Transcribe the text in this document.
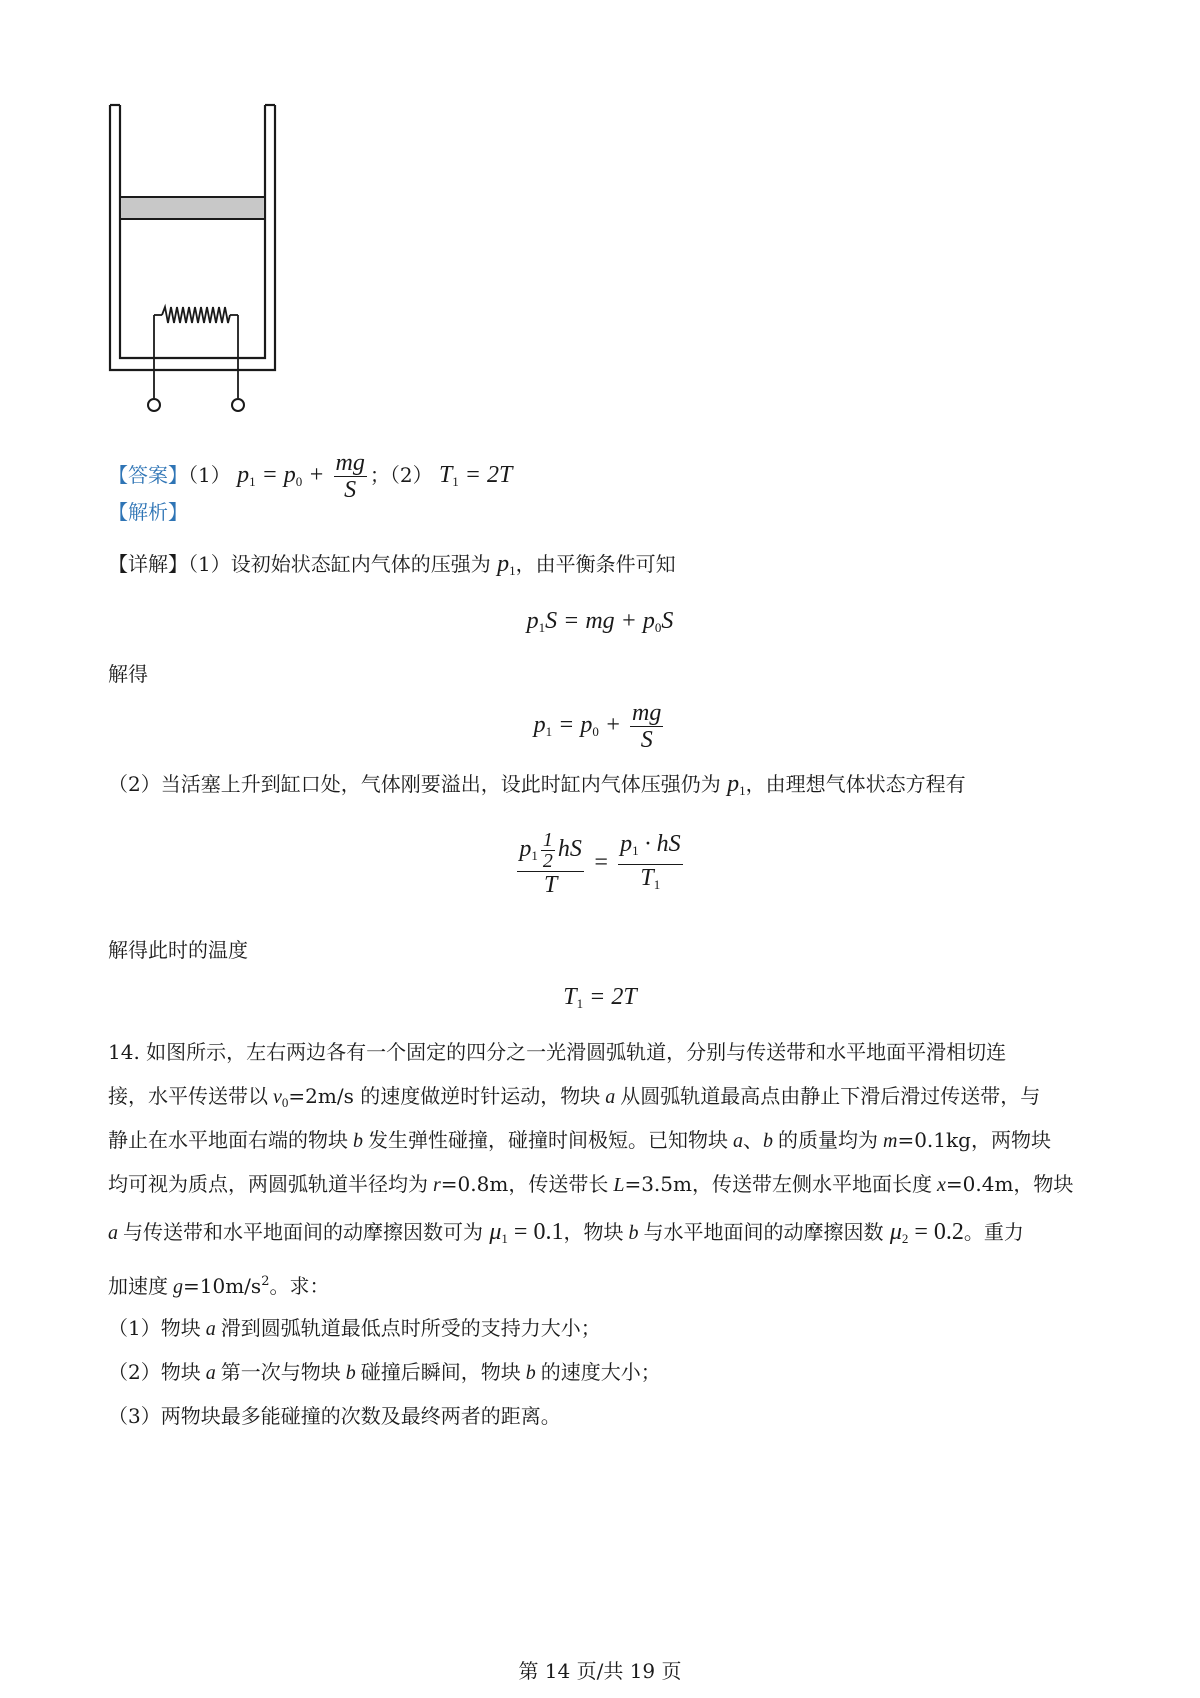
【答案】（1） $p_1 = p_0 + \frac{mg}{S}$ ；（2） $T_1 = 2T$
【解析】
【详解】（1）设初始状态缸内气体的压强为 $p_1$，由平衡条件可知
$p_1S$ = mg + $p_0S$
解得
$p_1 = p_0 + \frac{mg}{S}$
（2）当活塞上升到缸口处，气体刚要溢出，设此时缸内气体压强仍为 $p_1$，由理想气体状态方程有
$\frac{p_1 \frac{1}{2} hS}{T} = \frac{p_1 \cdot hS}{T_1}$
解得此时的温度
$T_1 = 2T$
14. 如图所示，左右两边各有一个固定的四分之一光滑圆弧轨道，分别与传送带和水平地面平滑相切连
接，水平传送带以 $v_0=2m/s$ 的速度做逆时针运动，物块 a 从圆弧轨道最高点由静止下滑后滑过传送带，与
静止在水平地面右端的物块 b 发生弹性碰撞，碰撞时间极短。已知物块 a、b 的质量均为 m=0.1kg，两物块
均可视为质点，两圆弧轨道半径均为 r=0.8m，传送带长 L=3.5m，传送带左侧水平地面长度 x=0.4m，物块
a 与传送带和水平地面间的动摩擦因数可为 $\mu_1 = 0.1$，物块 b 与水平地面间的动摩擦因数 $\mu_2 = 0.2$。重力
加速度 $g=10m/s^2$。求：
（1）物块 a 滑到圆弧轨道最低点时所受的支持力大小；
（2）物块 a 第一次与物块 b 碰撞后瞬间，物块 b 的速度大小；
（3）两物块最多能碰撞的次数及最终两者的距离。
第 14 页/共 19 页
